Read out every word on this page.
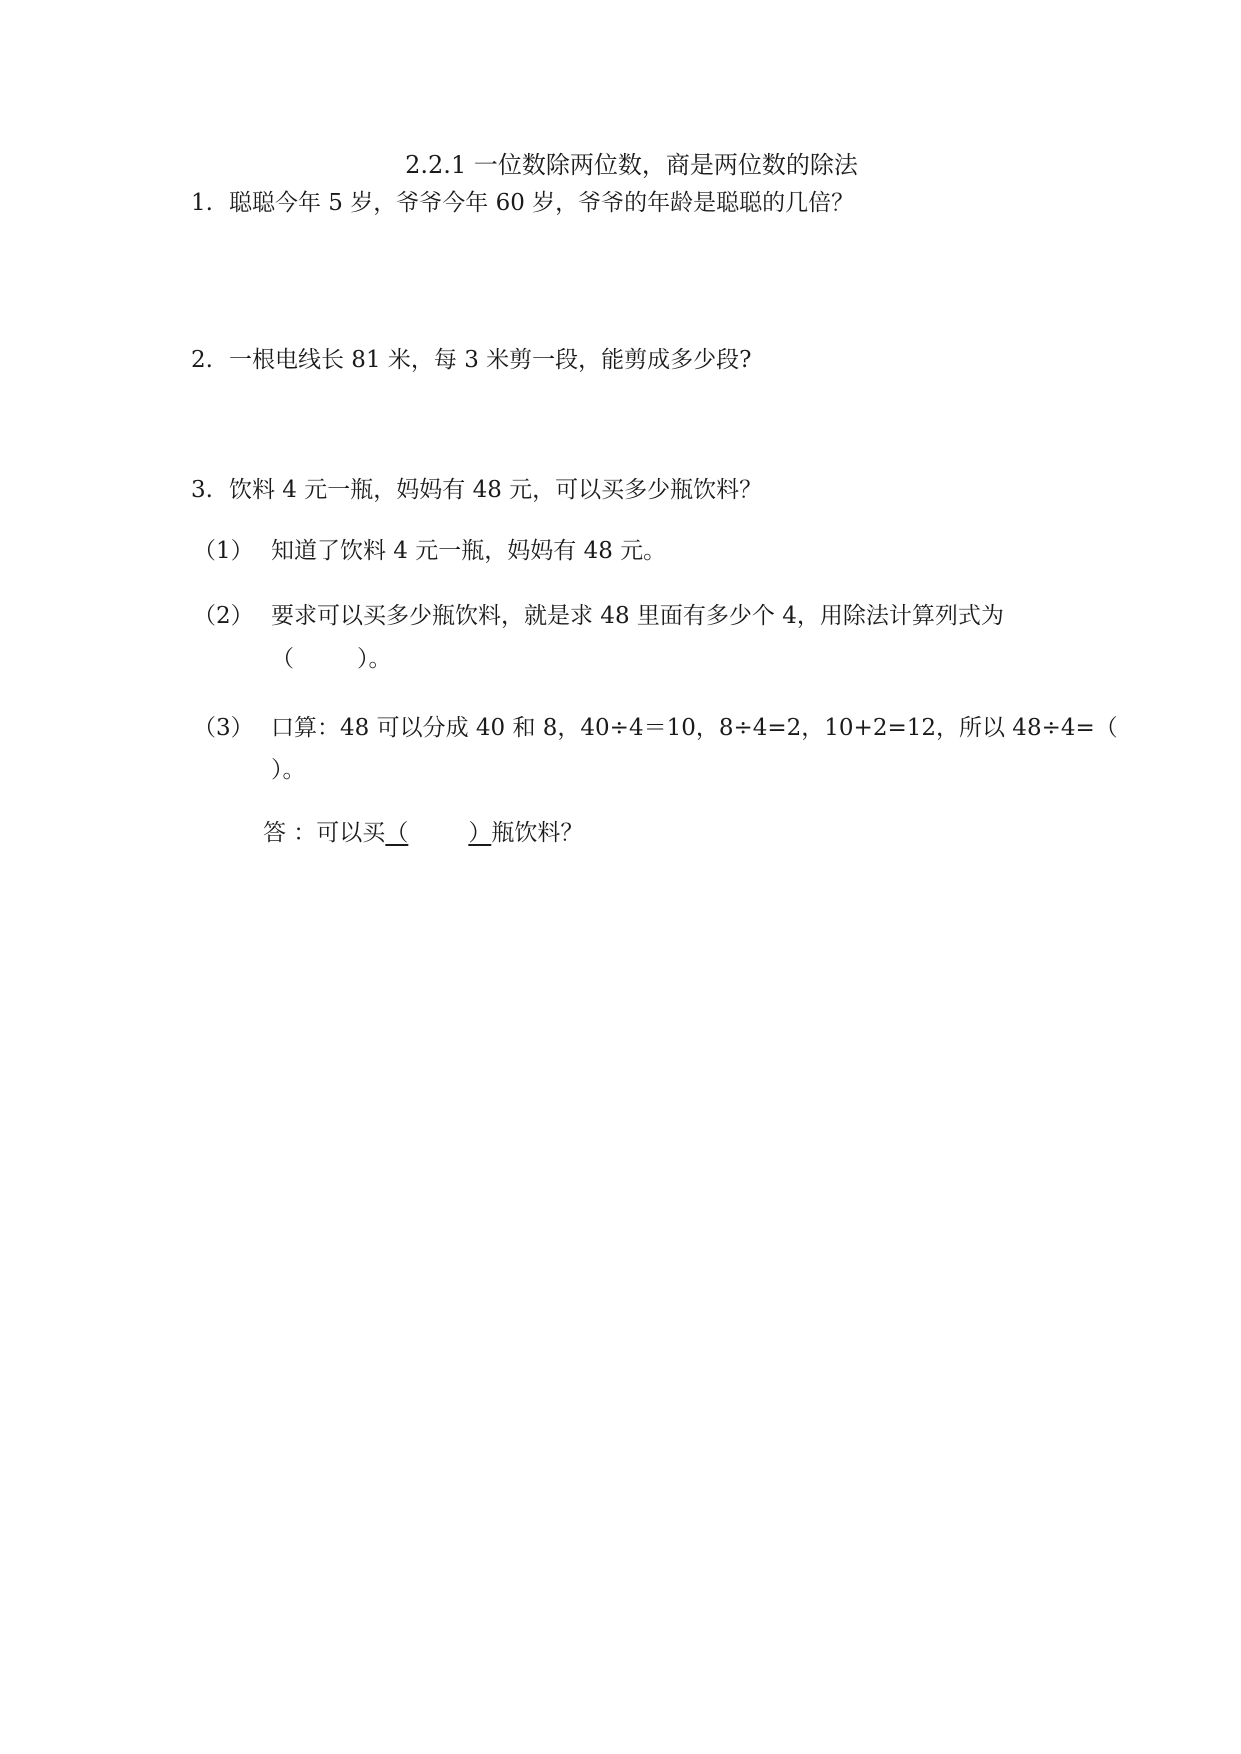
2.2.1 一位数除两位数，商是两位数的除法
1. 聪聪今年 5 岁，爷爷今年 60 岁，爷爷的年龄是聪聪的几倍？
2. 一根电线长 81 米，每 3 米剪一段，能剪成多少段?
3. 饮料 4 元一瓶，妈妈有 48 元，可以买多少瓶饮料？
（1） 知道了饮料 4 元一瓶，妈妈有 48 元。
（2） 要求可以买多少瓶饮料，就是求 48 里面有多少个 4，用除法计算列式为
（	）。
（3） 口算：48 可以分成 40 和 8，40÷4＝10，8÷4=2，10+2=12，所以 48÷4=（
）。
答 ：可以买（	）瓶饮料？
